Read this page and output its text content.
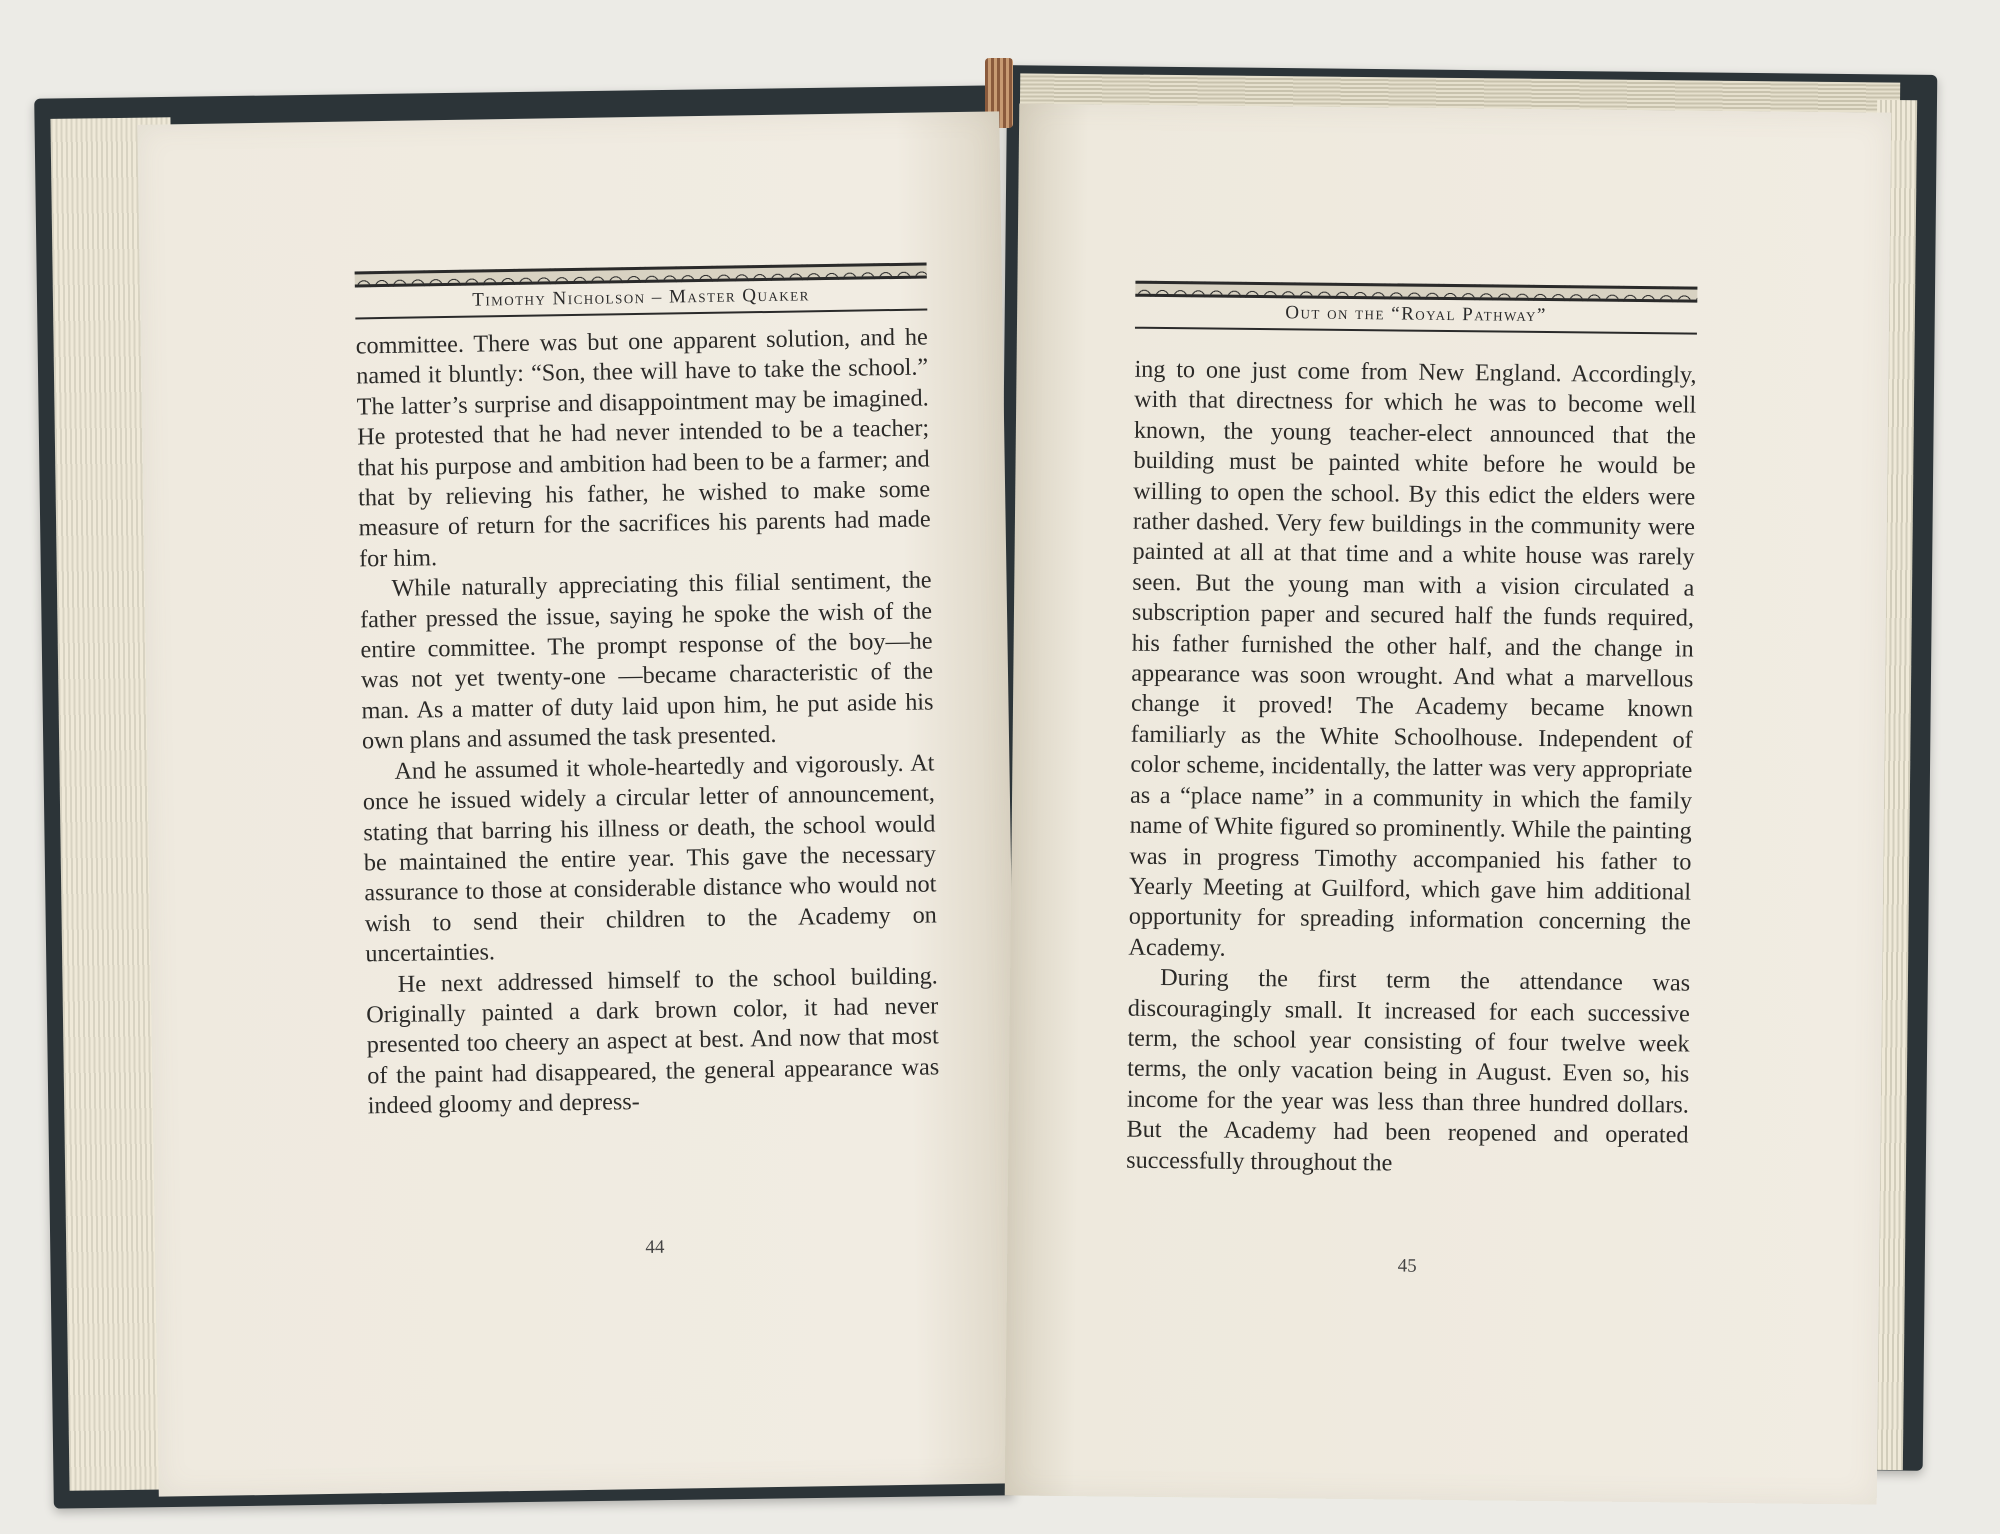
Timothy Nicholson – Master Quaker

committee. There was but one apparent solution, and he named it bluntly: “Son, thee will have to take the school.” The latter’s surprise and disappointment may be imagined. He protested that he had never intended to be a teacher; that his purpose and ambition had been to be a farmer; and that by relieving his father, he wished to make some measure of return for the sacrifices his parents had made for him.

While naturally appreciating this filial sentiment, the father pressed the issue, saying he spoke the wish of the entire committee. The prompt response of the boy—he was not yet twenty-one —became characteristic of the man. As a matter of duty laid upon him, he put aside his own plans and assumed the task presented.

And he assumed it whole-heartedly and vigorously. At once he issued widely a circular letter of announcement, stating that barring his illness or death, the school would be maintained the entire year. This gave the necessary assurance to those at considerable distance who would not wish to send their children to the Academy on uncertainties.

He next addressed himself to the school building. Originally painted a dark brown color, it had never presented too cheery an aspect at best. And now that most of the paint had disappeared, the general appearance was indeed gloomy and depress-

44
Out on the “Royal Pathway”

ing to one just come from New England. Accordingly, with that directness for which he was to become well known, the young teacher-elect announced that the building must be painted white before he would be willing to open the school. By this edict the elders were rather dashed. Very few buildings in the community were painted at all at that time and a white house was rarely seen. But the young man with a vision circulated a subscription paper and secured half the funds required, his father furnished the other half, and the change in appearance was soon wrought. And what a marvellous change it proved! The Academy became known familiarly as the White Schoolhouse. Independent of color scheme, incidentally, the latter was very appropriate as a “place name” in a community in which the family name of White figured so prominently. While the painting was in progress Timothy accompanied his father to Yearly Meeting at Guilford, which gave him additional opportunity for spreading information concerning the Academy.

During the first term the attendance was discouragingly small. It increased for each successive term, the school year consisting of four twelve week terms, the only vacation being in August. Even so, his income for the year was less than three hundred dollars. But the Academy had been reopened and operated successfully throughout the

45
